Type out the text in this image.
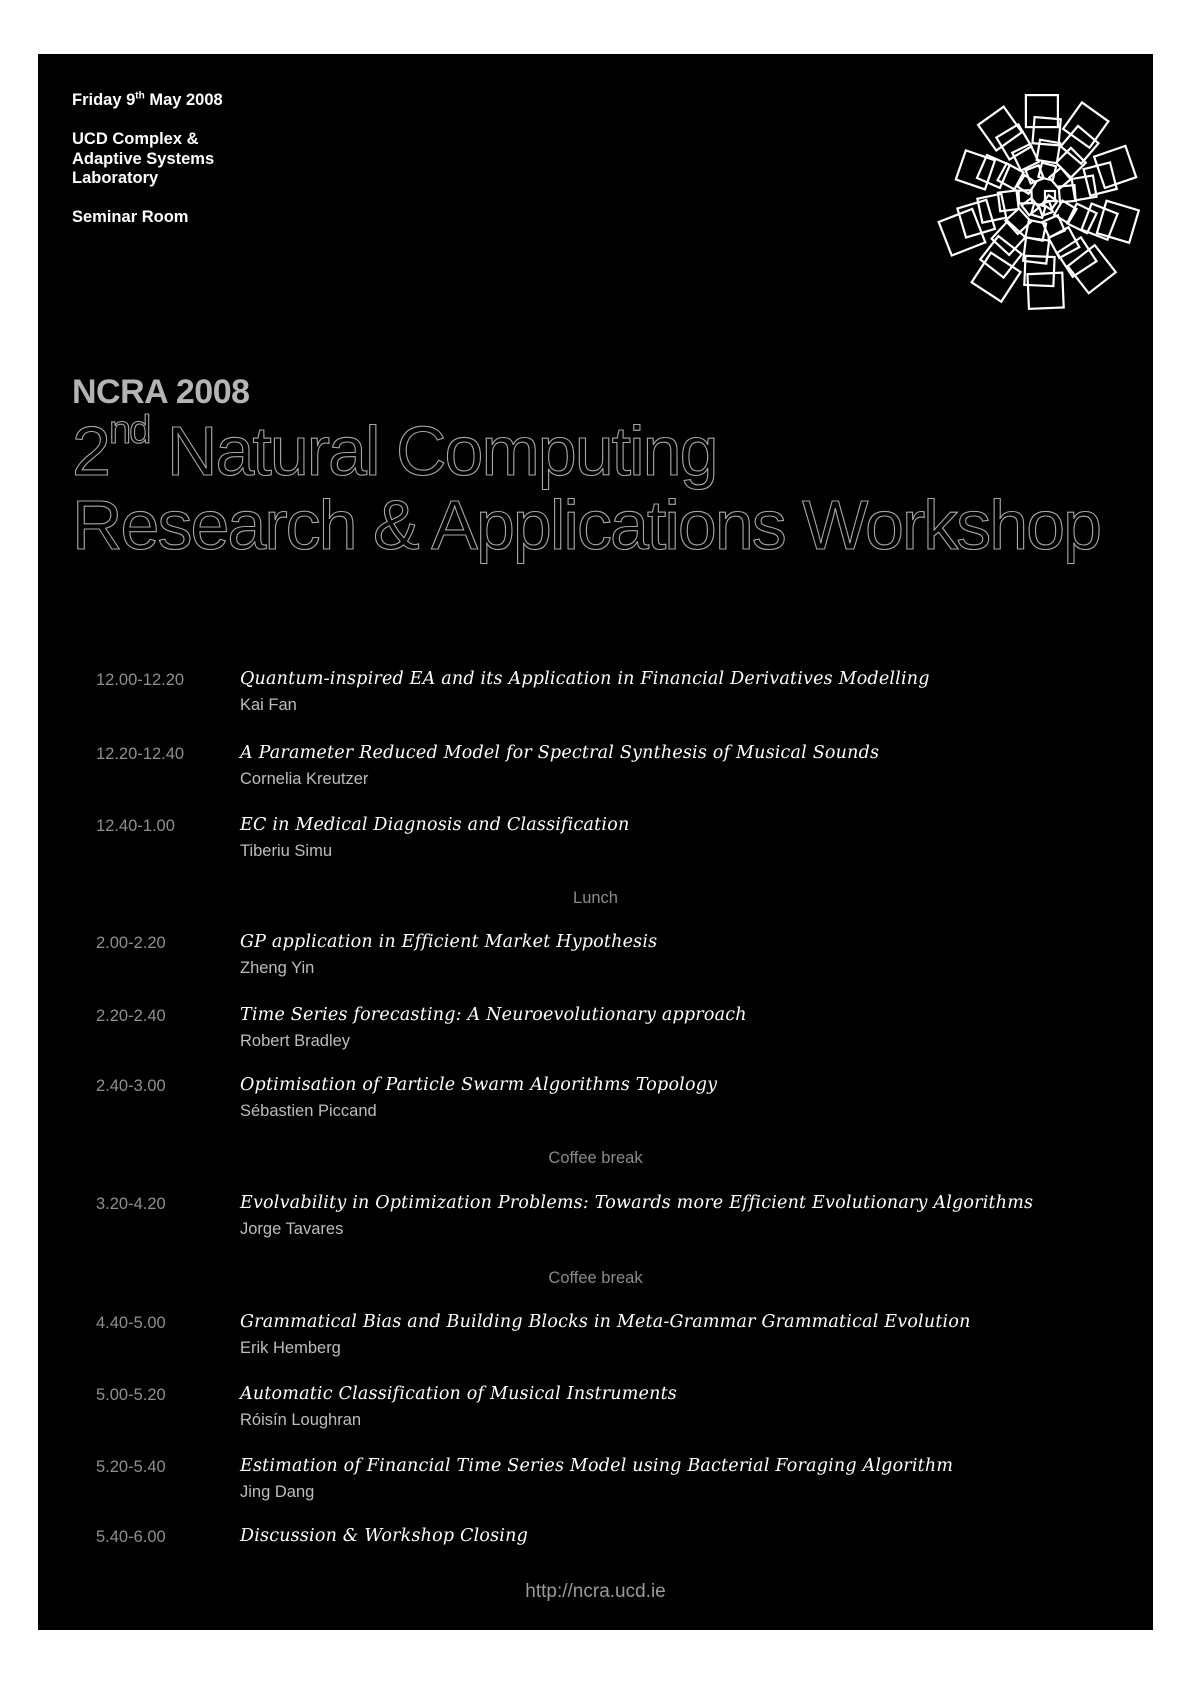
Friday 9th May 2008
UCD Complex &
Adaptive Systems
Laboratory
Seminar Room
NCRA 2008
2nd Natural Computing
Research & Applications Workshop
12.00-12.20	Quantum-inspired EA and its Application in Financial Derivatives Modelling
Kai Fan
12.20-12.40	A Parameter Reduced Model for Spectral Synthesis of Musical Sounds
Cornelia Kreutzer
12.40-1.00	EC in Medical Diagnosis and Classification
Tiberiu Simu
Lunch
2.00-2.20	GP application in Efficient Market Hypothesis
Zheng Yin
2.20-2.40	Time Series forecasting: A Neuroevolutionary approach
Robert Bradley
2.40-3.00	Optimisation of Particle Swarm Algorithms Topology
Sébastien Piccand
Coffee break
3.20-4.20	Evolvability in Optimization Problems: Towards more Efficient Evolutionary Algorithms
Jorge Tavares
Coffee break
4.40-5.00	Grammatical Bias and Building Blocks in Meta-Grammar Grammatical Evolution
Erik Hemberg
5.00-5.20	Automatic Classification of Musical Instruments
Róisín Loughran
5.20-5.40	Estimation of Financial Time Series Model using Bacterial Foraging Algorithm
Jing Dang
5.40-6.00	Discussion & Workshop Closing
http://ncra.ucd.ie
